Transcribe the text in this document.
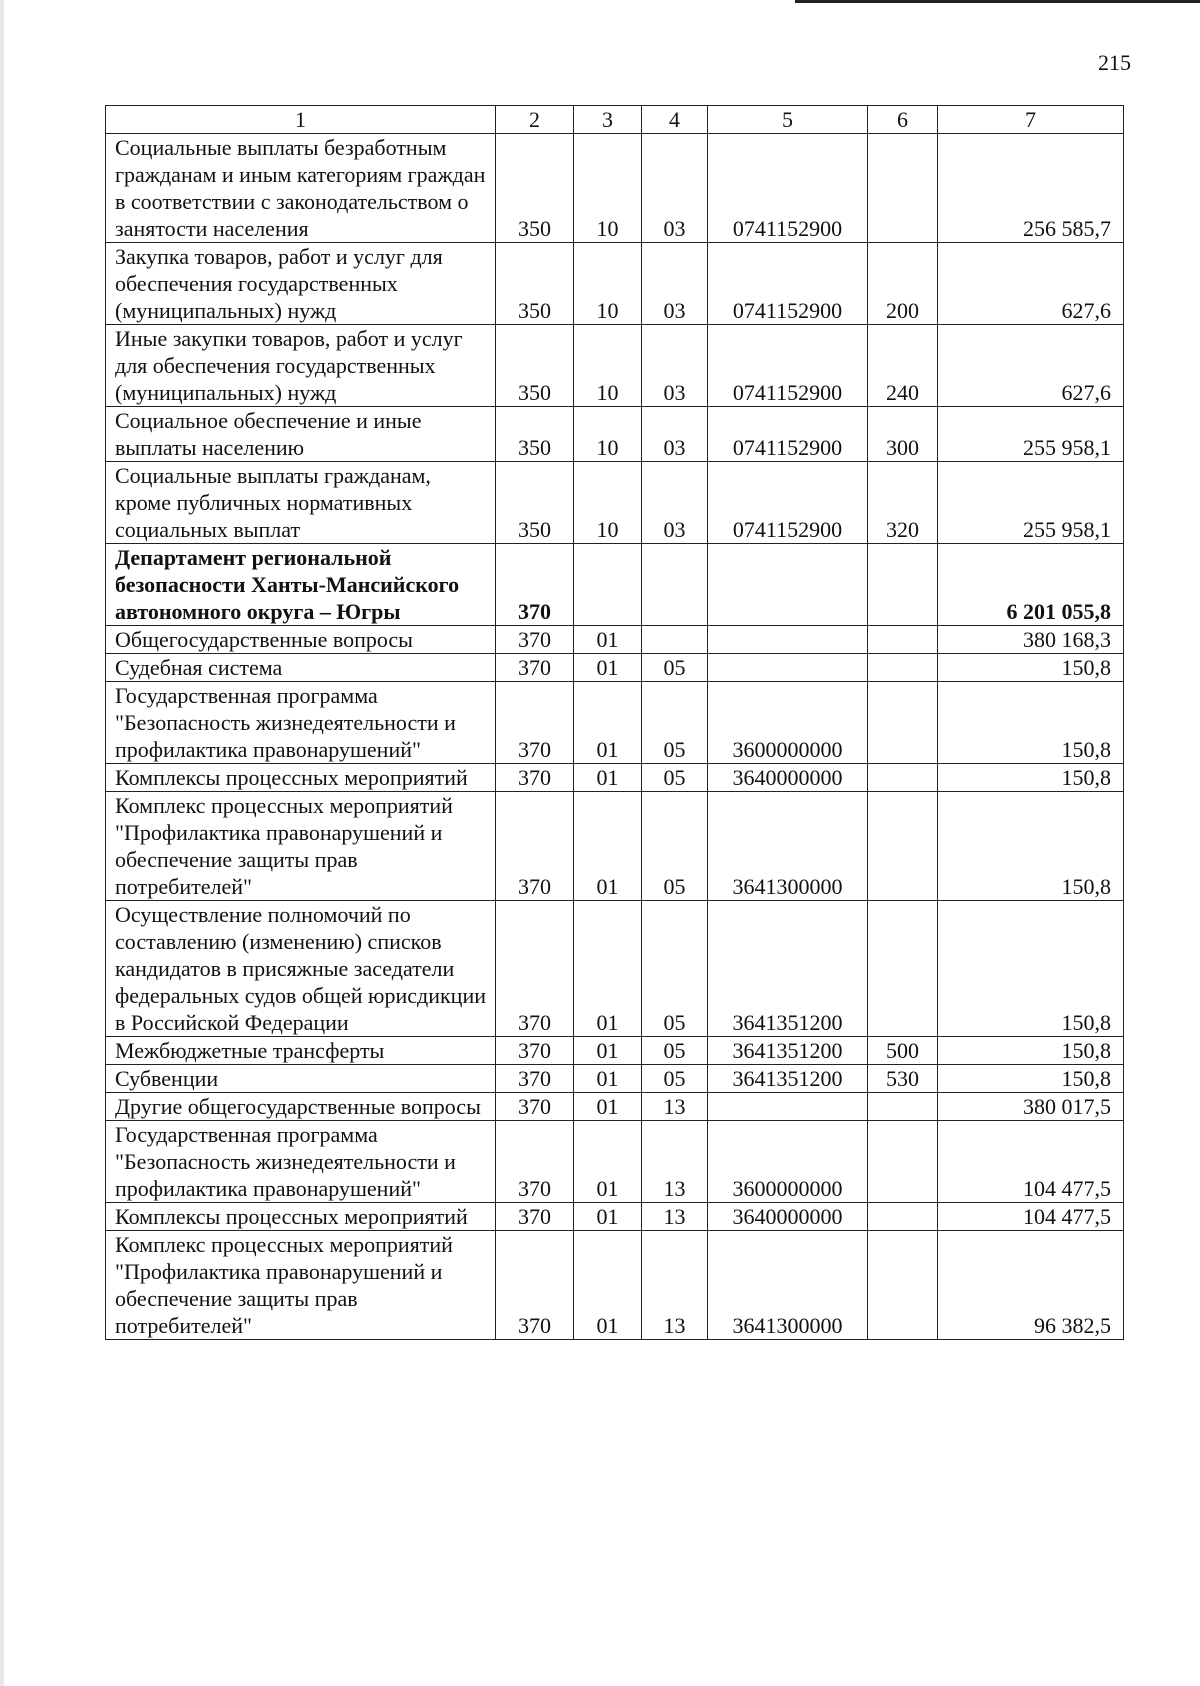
215
1	2	3	4	5	6	7
Социальные выплаты безработным гражданам и иным категориям граждан в соответствии с законодательством о занятости населения	350	10	03	0741152900		256 585,7
Закупка товаров, работ и услуг для обеспечения государственных (муниципальных) нужд	350	10	03	0741152900	200	627,6
Иные закупки товаров, работ и услуг для обеспечения государственных (муниципальных) нужд	350	10	03	0741152900	240	627,6
Социальное обеспечение и иные выплаты населению	350	10	03	0741152900	300	255 958,1
Социальные выплаты гражданам, кроме публичных нормативных социальных выплат	350	10	03	0741152900	320	255 958,1
Департамент региональной безопасности Ханты-Мансийского автономного округа – Югры	370					6 201 055,8
Общегосударственные вопросы	370	01				380 168,3
Судебная система	370	01	05			150,8
Государственная программа "Безопасность жизнедеятельности и профилактика правонарушений"	370	01	05	3600000000		150,8
Комплексы процессных мероприятий	370	01	05	3640000000		150,8
Комплекс процессных мероприятий "Профилактика правонарушений и обеспечение защиты прав потребителей"	370	01	05	3641300000		150,8
Осуществление полномочий по составлению (изменению) списков кандидатов в присяжные заседатели федеральных судов общей юрисдикции в Российской Федерации	370	01	05	3641351200		150,8
Межбюджетные трансферты	370	01	05	3641351200	500	150,8
Субвенции	370	01	05	3641351200	530	150,8
Другие общегосударственные вопросы	370	01	13			380 017,5
Государственная программа "Безопасность жизнедеятельности и профилактика правонарушений"	370	01	13	3600000000		104 477,5
Комплексы процессных мероприятий	370	01	13	3640000000		104 477,5
Комплекс процессных мероприятий "Профилактика правонарушений и обеспечение защиты прав потребителей"	370	01	13	3641300000		96 382,5
